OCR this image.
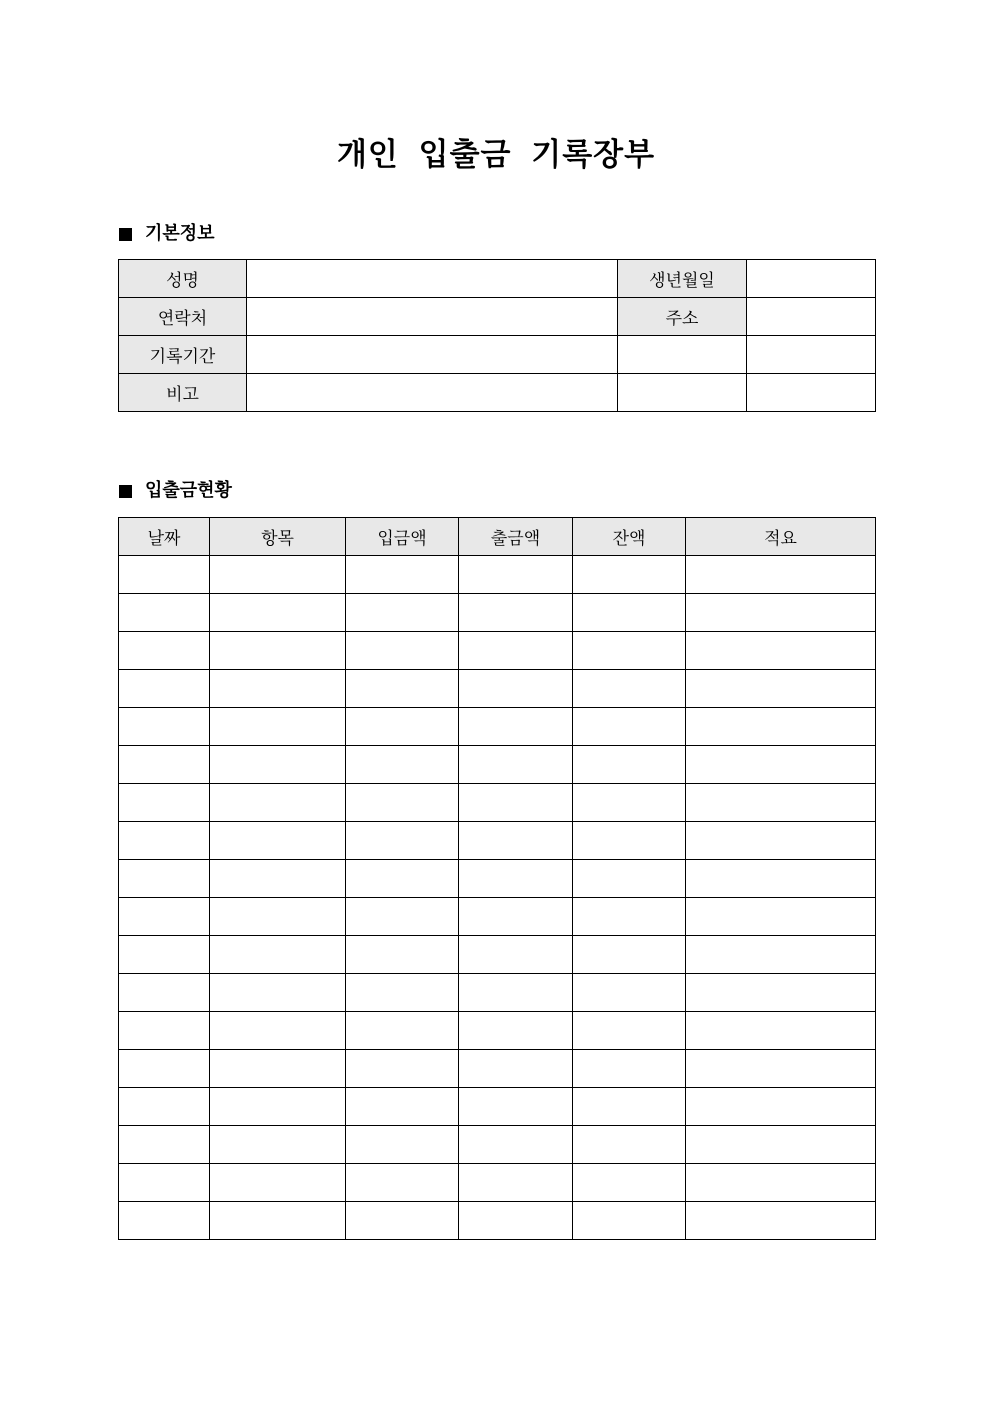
개인 입출금 기록장부
기본정보
성명		생년월일	
연락처		주소	
기록기간			
비고			
입출금현황
날짜	항목	입금액	출금액	잔액	적요
